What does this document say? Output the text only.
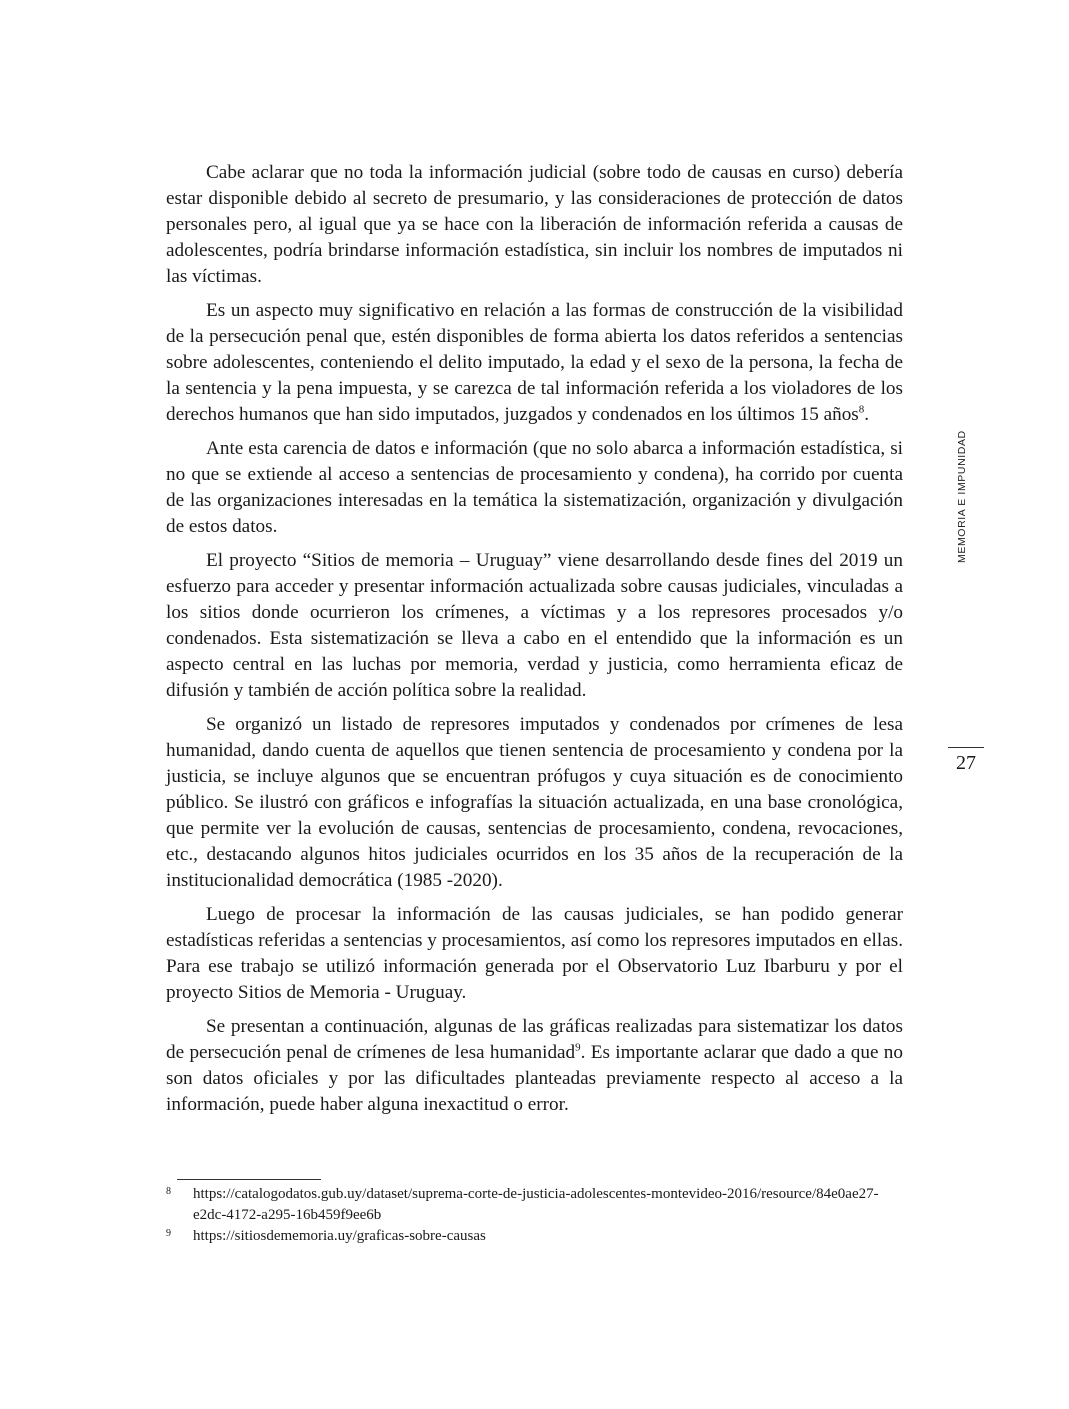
Cabe aclarar que no toda la información judicial (sobre todo de causas en curso) debería estar disponible debido al secreto de presumario, y las consideraciones de protección de datos personales pero, al igual que ya se hace con la liberación de información referida a causas de adolescentes, podría brindarse información estadística, sin incluir los nombres de imputados ni las víctimas.

Es un aspecto muy significativo en relación a las formas de construcción de la visibilidad de la persecución penal que, estén disponibles de forma abierta los datos referidos a sentencias sobre adolescentes, conteniendo el delito imputado, la edad y el sexo de la persona, la fecha de la sentencia y la pena impuesta, y se carezca de tal información referida a los violadores de los derechos humanos que han sido imputados, juzgados y condenados en los últimos 15 años$^8$.

Ante esta carencia de datos e información (que no solo abarca a información estadística, si no que se extiende al acceso a sentencias de procesamiento y condena), ha corrido por cuenta de las organizaciones interesadas en la temática la sistematización, organización y divulgación de estos datos.

El proyecto “Sitios de memoria – Uruguay” viene desarrollando desde fines del 2019 un esfuerzo para acceder y presentar información actualizada sobre causas judiciales, vinculadas a los sitios donde ocurrieron los crímenes, a víctimas y a los represores procesados y/o condenados. Esta sistematización se lleva a cabo en el entendido que la información es un aspecto central en las luchas por memoria, verdad y justicia, como herramienta eficaz de difusión y también de acción política sobre la realidad.

Se organizó un listado de represores imputados y condenados por crímenes de lesa humanidad, dando cuenta de aquellos que tienen sentencia de procesamiento y condena por la justicia, se incluye algunos que se encuentran prófugos y cuya situación es de conocimiento público. Se ilustró con gráficos e infografías la situación actualizada, en una base cronológica, que permite ver la evolución de causas, sentencias de procesamiento, condena, revocaciones, etc., destacando algunos hitos judiciales ocurridos en los 35 años de la recuperación de la institucionalidad democrática (1985 -2020).

Luego de procesar la información de las causas judiciales, se han podido generar estadísticas referidas a sentencias y procesamientos, así como los represores imputados en ellas. Para ese trabajo se utilizó información generada por el Observatorio Luz Ibarburu y por el proyecto Sitios de Memoria - Uruguay.

Se presentan a continuación, algunas de las gráficas realizadas para sistematizar los datos de persecución penal de crímenes de lesa humanidad$^9$. Es importante aclarar que dado a que no son datos oficiales y por las dificultades planteadas previamente respecto al acceso a la información, puede haber alguna inexactitud o error.

8 https://catalogodatos.gub.uy/dataset/suprema-corte-de-justicia-adolescentes-montevideo-2016/resource/84e0ae27-e2dc-4172-a295-16b459f9ee6b

9 https://sitiosdememoria.uy/graficas-sobre-causas

MEMORIA E IMPUNIDAD
27
